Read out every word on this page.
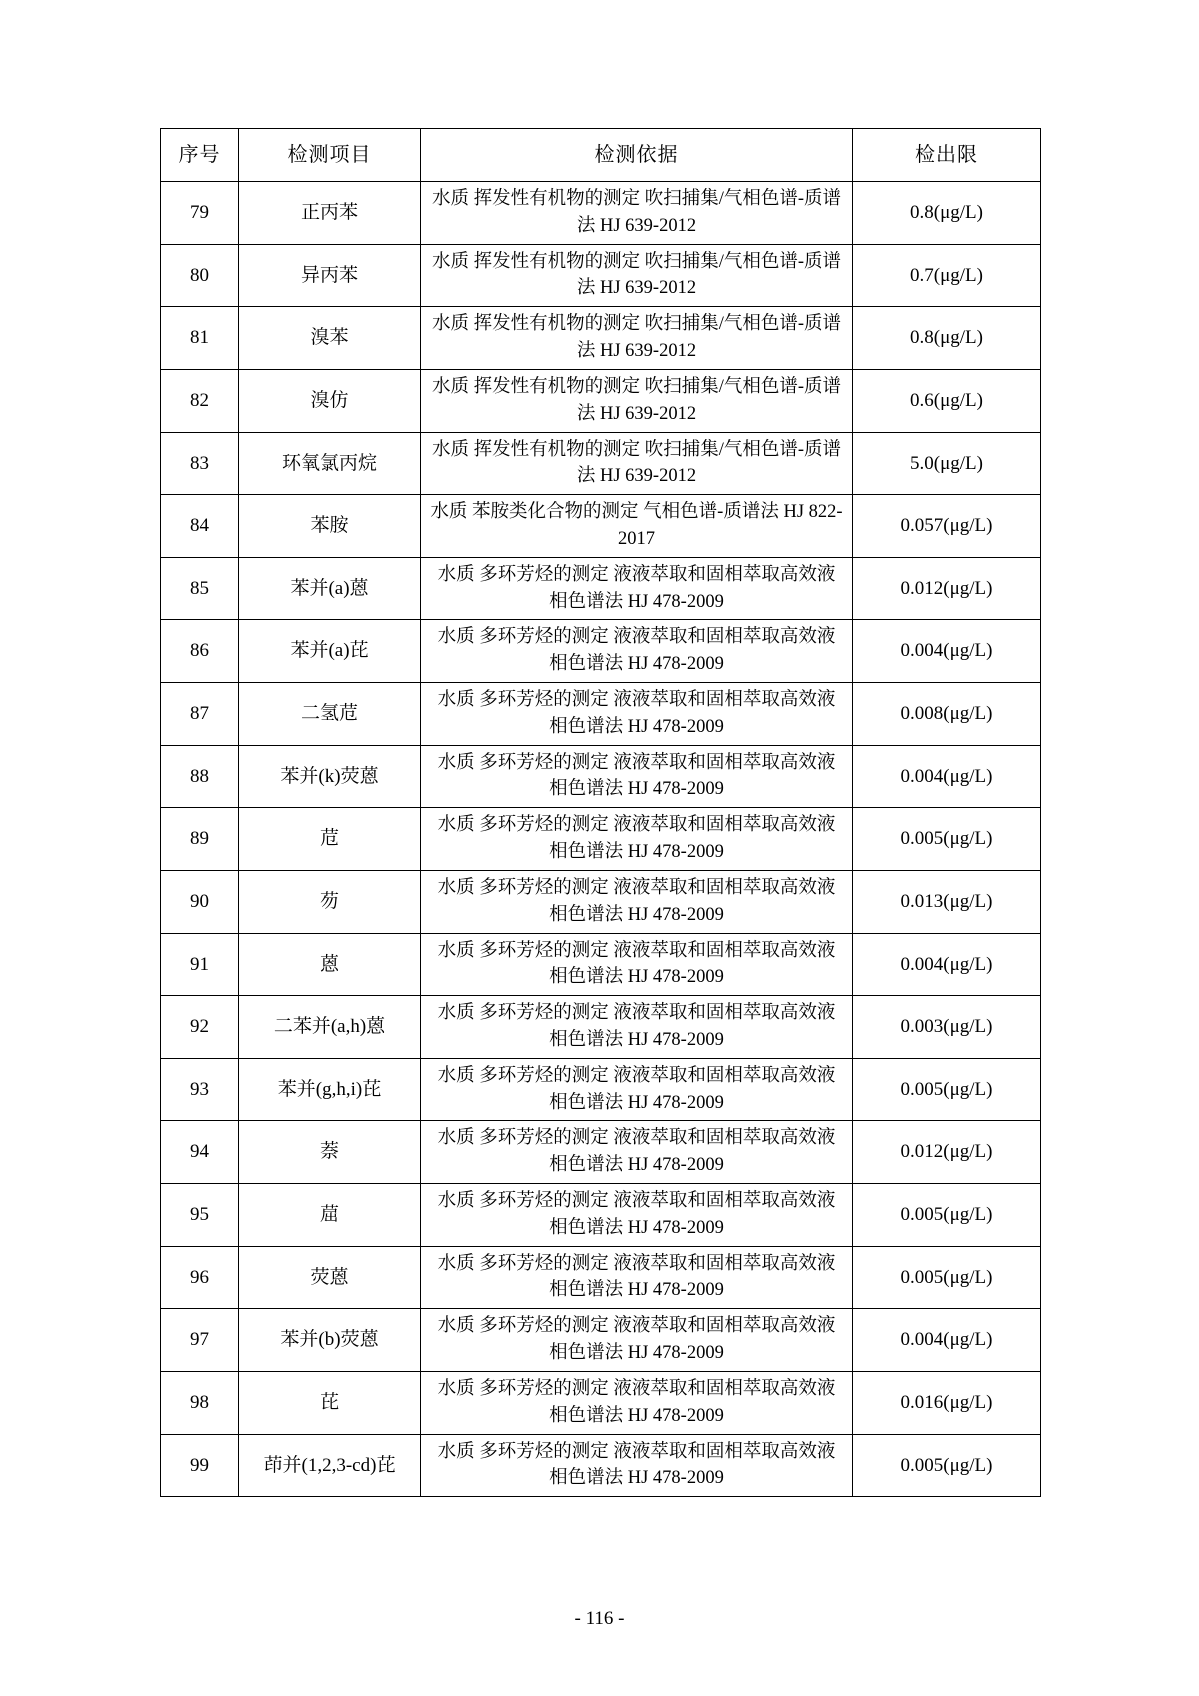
序号	检测项目	检测依据	检出限
79	正丙苯	水质 挥发性有机物的测定 吹扫捕集/气相色谱-质谱法 HJ 639-2012	0.8(μg/L)
80	异丙苯	水质 挥发性有机物的测定 吹扫捕集/气相色谱-质谱法 HJ 639-2012	0.7(μg/L)
81	溴苯	水质 挥发性有机物的测定 吹扫捕集/气相色谱-质谱法 HJ 639-2012	0.8(μg/L)
82	溴仿	水质 挥发性有机物的测定 吹扫捕集/气相色谱-质谱法 HJ 639-2012	0.6(μg/L)
83	环氧氯丙烷	水质 挥发性有机物的测定 吹扫捕集/气相色谱-质谱法 HJ 639-2012	5.0(μg/L)
84	苯胺	水质 苯胺类化合物的测定 气相色谱-质谱法 HJ 822-2017	0.057(μg/L)
85	苯并(a)蒽	水质 多环芳烃的测定 液液萃取和固相萃取高效液相色谱法 HJ 478-2009	0.012(μg/L)
86	苯并(a)芘	水质 多环芳烃的测定 液液萃取和固相萃取高效液相色谱法 HJ 478-2009	0.004(μg/L)
87	二氢苊	水质 多环芳烃的测定 液液萃取和固相萃取高效液相色谱法 HJ 478-2009	0.008(μg/L)
88	苯并(k)荧蒽	水质 多环芳烃的测定 液液萃取和固相萃取高效液相色谱法 HJ 478-2009	0.004(μg/L)
89	苊	水质 多环芳烃的测定 液液萃取和固相萃取高效液相色谱法 HJ 478-2009	0.005(μg/L)
90	芴	水质 多环芳烃的测定 液液萃取和固相萃取高效液相色谱法 HJ 478-2009	0.013(μg/L)
91	蒽	水质 多环芳烃的测定 液液萃取和固相萃取高效液相色谱法 HJ 478-2009	0.004(μg/L)
92	二苯并(a,h)蒽	水质 多环芳烃的测定 液液萃取和固相萃取高效液相色谱法 HJ 478-2009	0.003(μg/L)
93	苯并(g,h,i)芘	水质 多环芳烃的测定 液液萃取和固相萃取高效液相色谱法 HJ 478-2009	0.005(μg/L)
94	萘	水质 多环芳烃的测定 液液萃取和固相萃取高效液相色谱法 HJ 478-2009	0.012(μg/L)
95	䓛	水质 多环芳烃的测定 液液萃取和固相萃取高效液相色谱法 HJ 478-2009	0.005(μg/L)
96	荧蒽	水质 多环芳烃的测定 液液萃取和固相萃取高效液相色谱法 HJ 478-2009	0.005(μg/L)
97	苯并(b)荧蒽	水质 多环芳烃的测定 液液萃取和固相萃取高效液相色谱法 HJ 478-2009	0.004(μg/L)
98	芘	水质 多环芳烃的测定 液液萃取和固相萃取高效液相色谱法 HJ 478-2009	0.016(μg/L)
99	茚并(1,2,3-cd)芘	水质 多环芳烃的测定 液液萃取和固相萃取高效液相色谱法 HJ 478-2009	0.005(μg/L)
- 116 -
